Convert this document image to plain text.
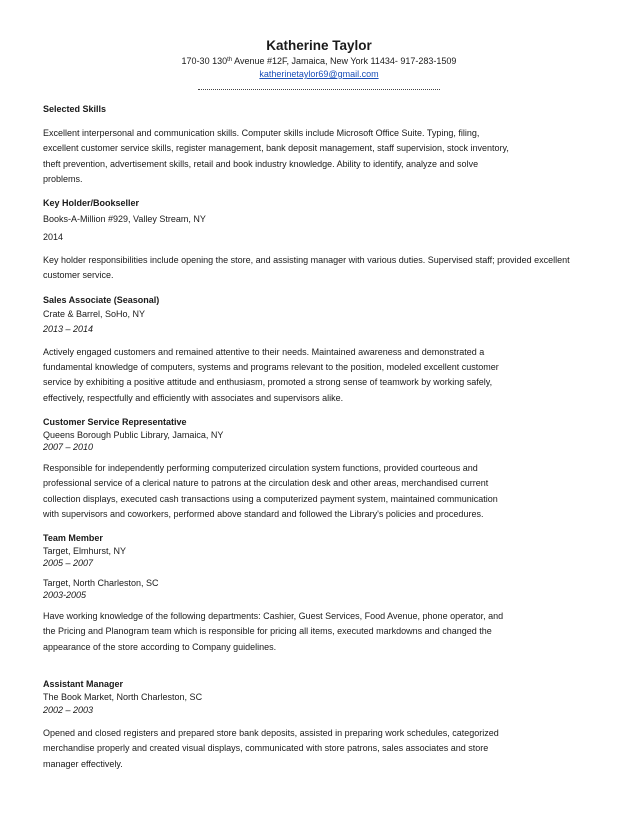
Katherine Taylor
170-30 130th Avenue #12F, Jamaica, New York 11434- 917-283-1509
katherinetaylor69@gmail.com
Selected Skills
Excellent interpersonal and communication skills. Computer skills include Microsoft Office Suite. Typing, filing,
excellent customer service skills, register management, bank deposit management, staff supervision, stock inventory,
theft prevention, advertisement skills, retail and book industry knowledge. Ability to identify, analyze and solve
problems.
Key Holder/Bookseller
Books-A-Million #929, Valley Stream, NY
2014
Key holder responsibilities include opening the store, and assisting manager with various duties. Supervised staff; provided excellent
customer service.
Sales Associate (Seasonal)
Crate & Barrel, SoHo, NY
2013 – 2014
Actively engaged customers and remained attentive to their needs. Maintained awareness and demonstrated a
fundamental knowledge of computers, systems and programs relevant to the position, modeled excellent customer
service by exhibiting a positive attitude and enthusiasm, promoted a strong sense of teamwork by working safely,
effectively, respectfully and efficiently with associates and supervisors alike.
Customer Service Representative
Queens Borough Public Library, Jamaica, NY
2007 – 2010
Responsible for independently performing computerized circulation system functions, provided courteous and
professional service of a clerical nature to patrons at the circulation desk and other areas, merchandised current
collection displays, executed cash transactions using a computerized payment system, maintained communication
with supervisors and coworkers, performed above standard and followed the Library's policies and procedures.
Team Member
Target, Elmhurst, NY
2005 – 2007
Target, North Charleston, SC
2003-2005
Have working knowledge of the following departments: Cashier, Guest Services, Food Avenue, phone operator, and
the Pricing and Planogram team which is responsible for pricing all items, executed markdowns and changed the
appearance of the store according to Company guidelines.
Assistant Manager
The Book Market, North Charleston, SC
2002 – 2003
Opened and closed registers and prepared store bank deposits, assisted in preparing work schedules, categorized
merchandise properly and created visual displays, communicated with store patrons, sales associates and store
manager effectively.
